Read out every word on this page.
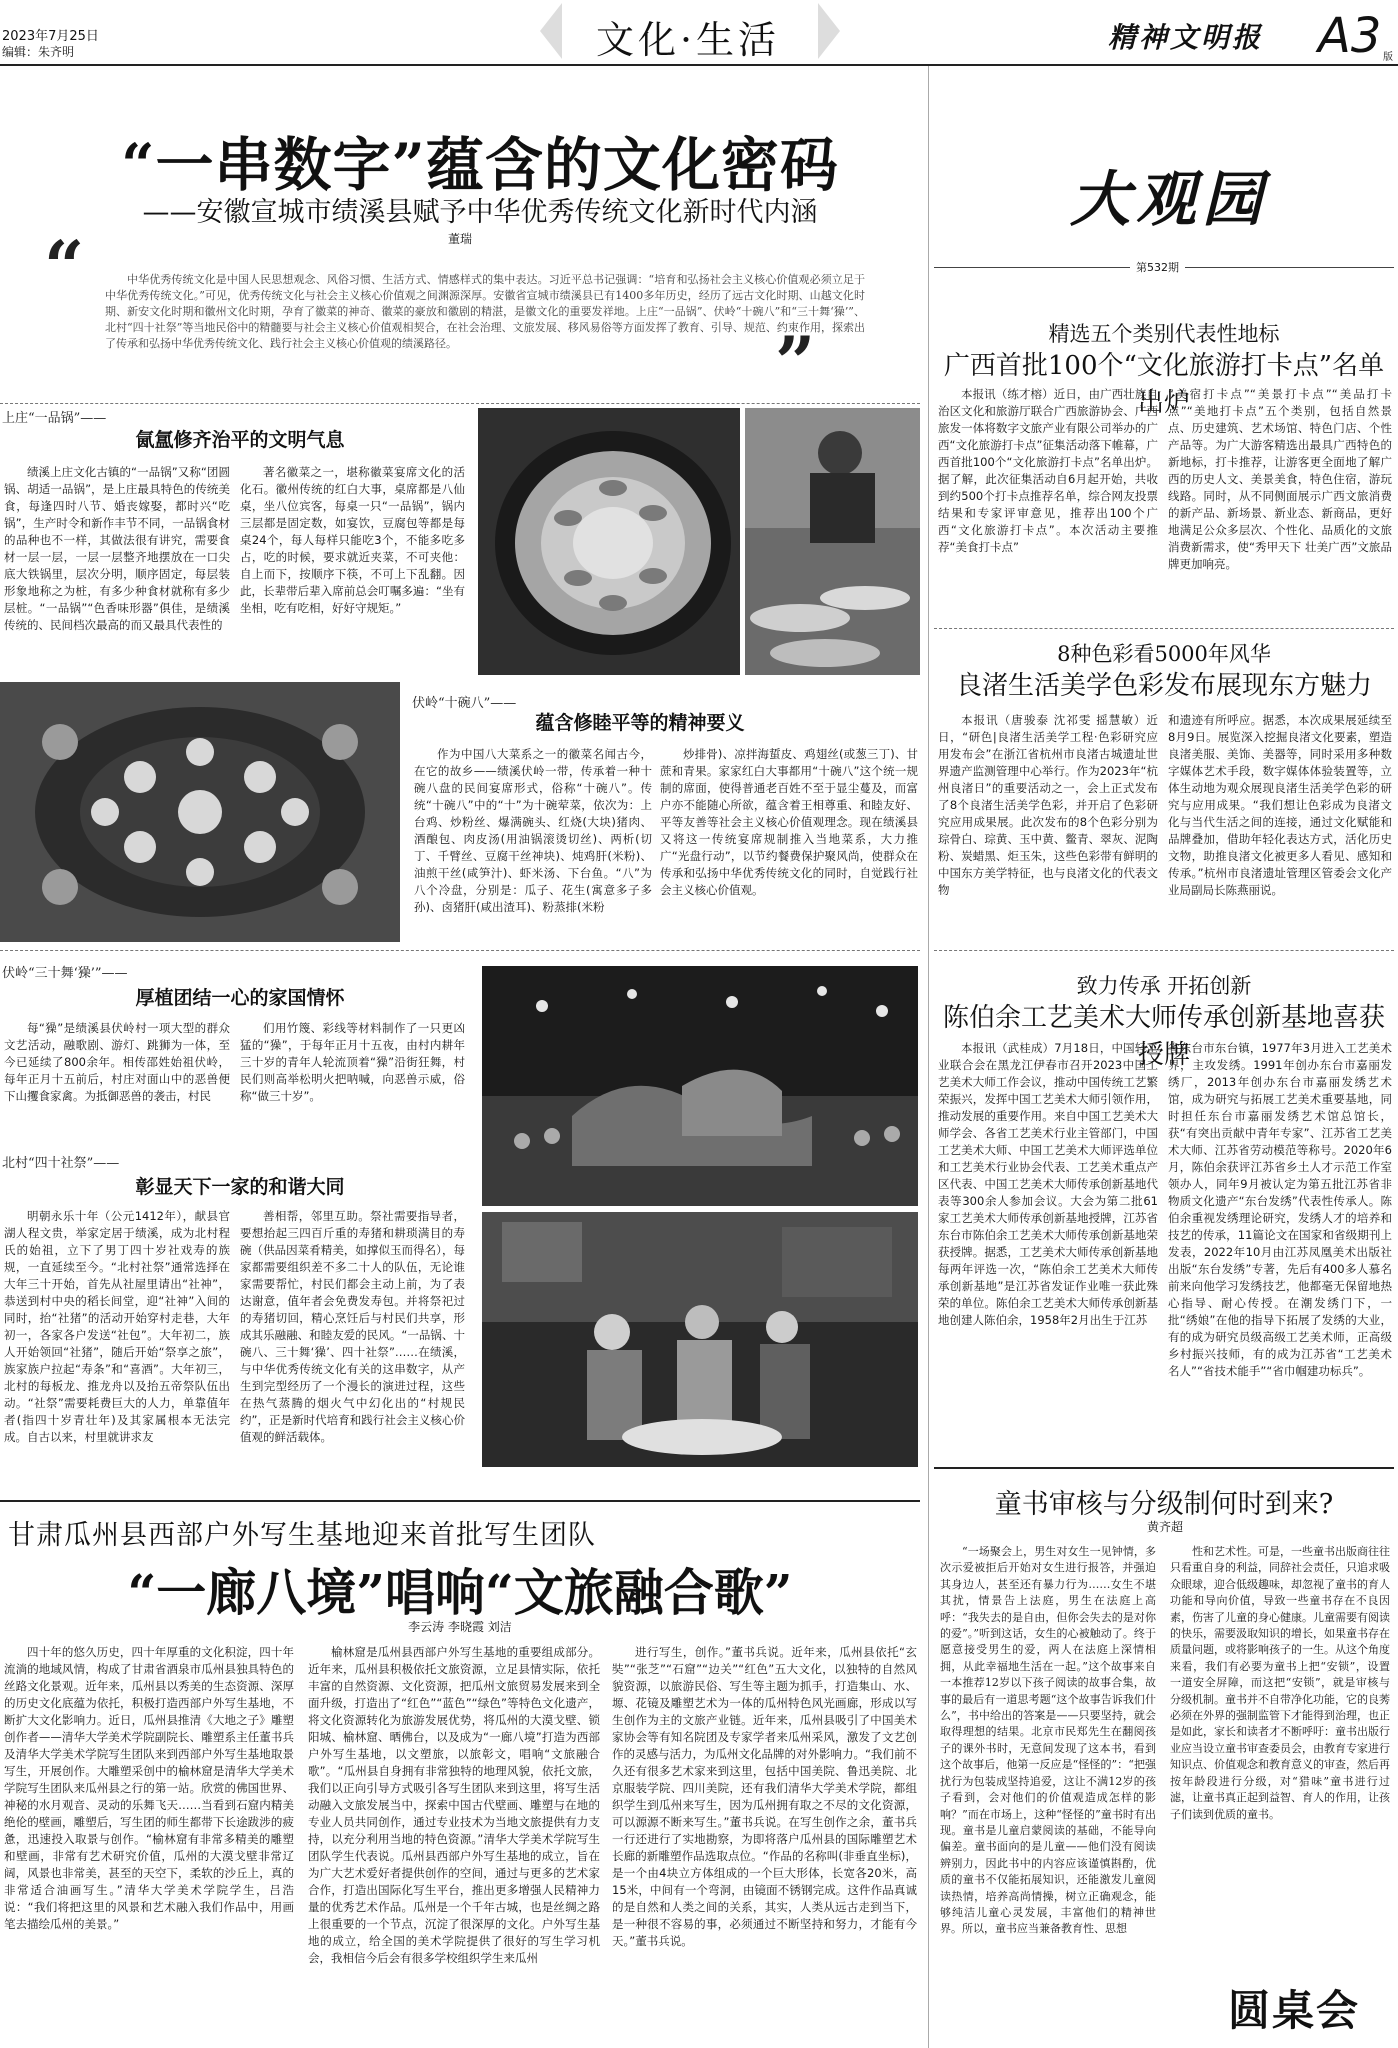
2023年7月25日
编辑：朱齐明	文化·生活	精神文明报 A3 版
“一串数字”蕴含的文化密码
——安徽宣城市绩溪县赋予中华优秀传统文化新时代内涵
董瑞
“	中华优秀传统文化是中国人民思想观念、风俗习惯、生活方式、情感样式的集中表达。习近平总书记强调：“培育和弘扬社会主义核心价值观必须立足于中华优秀传统文化。”可见，优秀传统文化与社会主义核心价值观之间渊源深厚。安徽省宣城市绩溪县已有1400多年历史，经历了远古文化时期、山越文化时期、新安文化时期和徽州文化时期，孕育了徽菜的神奇、徽菜的豪放和徽剧的精湛，是徽文化的重要发祥地。上庄“一品锅”、伏岭“十碗八”和“三十舞‘𤢖’”、北村“四十社祭”等当地民俗中的精髓要与社会主义核心价值观相契合，在社会治理、文旅发展、移风易俗等方面发挥了教育、引导、规范、约束作用，探索出了传承和弘扬中华优秀传统文化、践行社会主义核心价值观的绩溪路径。	”
上庄“一品锅”——
氤氲修齐治平的文明气息
绩溪上庄文化古镇的“一品锅”又称“团圆锅、胡适一品锅”，是上庄最具特色的传统美食，每逢四时八节、婚丧嫁娶，都时兴“吃锅”，生产时令和新作丰节不同，一品锅食材的品种也不一样，其做法很有讲究，需要食材一层一层，一层一层整齐地摆放在一口尖底大铁锅里，层次分明，顺序固定，每层装形象地称之为桩，有多少种食材就称有多少层桩。“一品锅”“色香味形器”俱佳，是绩溪传统的、民间档次最高的而又最具代表性的
著名徽菜之一，堪称徽菜宴席文化的活化石。徽州传统的红白大事，桌席都是八仙桌，坐八位宾客，每桌一只“一品锅”，锅内三层都是固定数，如宴饮，豆腐包等都是每桌24个，每人每样只能吃3个，不能多吃多占，吃的时候，要求就近夹菜，不可夹他：自上而下，按顺序下筷，不可上下乱翻。因此，长辈带后辈入席前总会叮嘱多遍：“坐有坐相，吃有吃相，好好守规矩。”
伏岭“十碗八”——
蕴含修睦平等的精神要义
作为中国八大菜系之一的徽菜名闻古今，在它的故乡——绩溪伏岭一带，传承着一种十碗八盘的民间宴席形式，俗称“十碗八”。传统“十碗八”中的“十”为十碗荤菜，依次为：上台鸡、炒粉丝、爆满碗头、红烧(大块)猪肉、酒酿包、肉皮汤(用油锅滚烫切丝)、两析(切丁、千臂丝、豆腐干丝神块)、炖鸡肝(米粉)、油煎干丝(咸笋汁)、虾米汤、下台鱼。“八”为八个冷盘，分别是：瓜子、花生(寓意多子多孙)、卤猪肝(咸出渣耳)、粉蒸排(米粉
炒排骨)、凉拌海蜇皮、鸡翅丝(或葱三丁)、甘蔗和青果。家家红白大事都用“十碗八”这个统一规制的席面，使得普通老百姓不至于显尘蔓及，而富户亦不能随心所欲，蕴含着王相尊重、和睦友好、平等友善等社会主义核心价值观理念。现在绩溪县又将这一传统宴席规制推入当地菜系，大力推广“光盘行动”，以节约餐费保护聚风尚，使群众在传承和弘扬中华优秀传统文化的同时，自觉践行社会主义核心价值观。
伏岭“三十舞‘𤢖’”——
厚植团结一心的家国情怀
每“𤢖”是绩溪县伏岭村一项大型的群众文艺活动，融歌剧、游灯、跳狮为一体，至今已延续了800余年。相传邵姓始祖伏岭，每年正月十五前后，村庄对面山中的恶兽便下山攫食家禽。为抵御恶兽的袭击，村民
们用竹篾、彩线等材料制作了一只更凶猛的“𤢖”，于每年正月十五夜，由村内耕年三十岁的青年人轮流顶着“𤢖”沿街狂舞，村民们则高举松明火把呐喊，向恶兽示威，俗称“做三十岁”。
北村“四十社祭”——
彰显天下一家的和谐大同
明朝永乐十年（公元1412年），献县官湖人程文贵，举家定居于绩溪，成为北村程氏的始祖，立下了男丁四十岁社戏寿的族规，一直延续至今。“北村社祭”通常选择在大年三十开始，首先从社屋里请出“社神”，恭送到村中央的稻长间堂，迎“社神”入间的同时，抬“社猪”的活动开始穿村走巷，大年初一，各家各户发送“社包”。大年初二，族人开始领回“社猪”，随后开始“祭享之旅”，族家族户拉起“寿条”和“喜酒”。大年初三，北村的每板龙、推龙舟以及抬五帝祭队伍出动。“社祭”需要耗费巨大的人力，单靠值年者(指四十岁青壮年)及其家属根本无法完成。自古以来，村里就讲求友
善相帮，邻里互助。祭社需要指导者，要想抬起三四百斤重的寿猪和耕琐满目的寿碗（供品因菜肴精美，如撑似玉而得名），每家都需要组织差不多二十人的队伍，无论谁家需要帮忙，村民们都会主动上前，为了表达谢意，值年者会免费发寿包。并将祭祀过的寿猪切回，精心烹饪后与村民们共享，形成其乐融融、和睦友爱的民风。“一品锅、十碗八、三十舞‘𤢖’、四十社祭”……在绩溪，与中华优秀传统文化有关的这串数字，从产生到完型经历了一个漫长的演进过程，这些在热气蒸腾的烟火气中幻化出的“村规民约”，正是新时代培育和践行社会主义核心价值观的鲜活载体。
甘肃瓜州县西部户外写生基地迎来首批写生团队
“一廊八境”唱响“文旅融合歌”
李云涛 李晓霞 刘洁
四十年的悠久历史，四十年厚重的文化积淀，四十年流淌的地域风情，构成了甘肃省酒泉市瓜州县独具特色的丝路文化景观。近年来，瓜州县以秀美的生态资源、深厚的历史文化底蕴为依托，积极打造西部户外写生基地，不断扩大文化影响力。近日，瓜州县推清《大地之子》雕塑创作者——清华大学美术学院副院长、雕塑系主任董书兵及清华大学美术学院写生团队来到西部户外写生基地取景写生，开展创作。大雕塑采创中的榆林窟是清华大学美术学院写生团队来瓜州县之行的第一站。欣赏的佛国世界、神秘的水月观音、灵动的乐舞飞天……当看到石窟内精美绝伦的壁画，雕塑后，写生团的师生都带下长途跋涉的疲惫，迅速投入取景与创作。“榆林窟有非常多精美的雕塑和壁画，非常有艺术研究价值，瓜州的大漠戈壁非常辽阔，风景也非常美，甚至的天空下，柔软的沙丘上，真的非常适合油画写生。”清华大学美术学院学生，吕浩说：“我们将把这里的风景和艺术融入我们作品中，用画笔去描绘瓜州的美景。”
榆林窟是瓜州县西部户外写生基地的重要组成部分。近年来，瓜州县积极依托文旅资源，立足县情实际，依托丰富的自然资源、文化资源，把瓜州文旅贸易发展来到全面升级，打造出了“红色”“蓝色”“绿色”等特色文化遗产，将文化资源转化为旅游发展优势，将瓜州的大漠戈壁、锁阳城、榆林窟、晒佛台，以及成为“一廊八境”打造为西部户外写生基地，以文塑旅，以旅彰文，唱响“文旅融合歌”。“瓜州县自身拥有非常独特的地理风貌，依托文旅，我们以正向引导方式吸引各写生团队来到这里，将写生活动融入文旅发展当中，探索中国古代壁画、雕塑与在地的专业人员共同创作，通过专业技术为当地文旅提供有力支持，以充分利用当地的特色资源。”清华大学美术学院写生团队学生代表说。瓜州县西部户外写生基地的成立，旨在为广大艺术爱好者提供创作的空间，通过与更多的艺术家合作，打造出国际化写生平台，推出更多增强人民精神力量的优秀艺术作品。瓜州是一个千年古城，也是丝绸之路上很重要的一个节点，沉淀了很深厚的文化。户外写生基地的成立，给全国的美术学院提供了很好的写生学习机会，我相信今后会有很多学校组织学生来瓜州
进行写生，创作。”董书兵说。近年来，瓜州县依托“玄奘”“张芝”“石窟”“边关”“红色”五大文化，以独特的自然风貌资源，以旅游民俗、写生等主题为抓手，打造集山、水、塬、花镜及雕塑艺术为一体的瓜州特色风光画廊，形成以写生创作为主的文旅产业链。近年来，瓜州县吸引了中国美术家协会等有知名院团及专家学者来瓜州采风，激发了文艺创作的灵感与活力，为瓜州文化品牌的对外影响力。“我们前不久还有很多艺术家来到这里，包括中国美院、鲁迅美院、北京服装学院、四川美院，还有我们清华大学美术学院，都组织学生到瓜州来写生，因为瓜州拥有取之不尽的文化资源，可以源源不断来写生。”董书兵说。在写生创作之余，董书兵一行还进行了实地勘察，为即将落户瓜州县的国际雕塑艺术长廊的新雕塑作品选取点位。“作品的名称叫(非垂直坐标)，是一个由4块立方体组成的一个巨大形体，长宽各20米，高15米，中间有一个弯洞，由镜面不锈钢完成。这件作品真诚的是自然和人类之间的关系，其实，人类从远古走到当下，是一种很不容易的事，必须通过不断坚持和努力，才能有今天。”董书兵说。
大观园
第532期
精选五个类别代表性地标
广西首批100个“文化旅游打卡点”名单出炉
本报讯（练才榕）近日，由广西壮族自治区文化和旅游厅联合广西旅游协会、广西旅发一体将数字文旅产业有限公司举办的广西“文化旅游打卡点”征集活动落下帷幕，广西首批100个“文化旅游打卡点”名单出炉。据了解，此次征集活动自6月起开始，共收到约500个打卡点推荐名单，综合网友投票结果和专家评审意见，推荐出100个广西“文化旅游打卡点”。本次活动主要推荐“美食打卡点”
“美宿打卡点”“美景打卡点”“美品打卡点”“美地打卡点”五个类别，包括自然景点、历史建筑、艺术场馆、特色门店、个性产品等。为广大游客精选出最具广西特色的新地标，打卡推荐，让游客更全面地了解广西的历史人文、美景美食，特色住宿，游玩线路。同时，从不同侧面展示广西文旅消费的新产品、新场景、新业态、新商品，更好地满足公众多层次、个性化、品质化的文旅消费新需求，使“秀甲天下 壮美广西”文旅品牌更加响亮。
8种色彩看5000年风华
良渚生活美学色彩发布展现东方魅力
本报讯（唐骏泰 沈祁雯 摇慧敏）近日，“研色|良渚生活美学工程·色彩研究应用发布会”在浙江省杭州市良渚古城遗址世界遗产监测管理中心举行。作为2023年“杭州良渚日”的重要活动之一，会上正式发布了8个良渚生活美学色彩，并开启了色彩研究应用成果展。此次发布的8个色彩分别为琮骨白、琮黄、玉中黄、鳖青、翠灰、泥陶粉、炭蜡黑、炬玉朱，这些色彩带有鲜明的中国东方美学特征，也与良渚文化的代表文物
和遗迹有所呼应。据悉，本次成果展延续至8月9日。展览深入挖掘良渚文化要素，塑造良渚美服、美饰、美器等，同时采用多种数字媒体艺术手段，数字媒体体验装置等，立体生动地为观众展现良渚生活美学色彩的研究与应用成果。“我们想让色彩成为良渚文化与当代生活之间的连接，通过文化赋能和品牌叠加，借助年轻化表达方式，活化历史文物，助推良渚文化被更多人看见、感知和传承。”杭州市良渚遗址管理区管委会文化产业局副局长陈燕丽说。
致力传承 开拓创新
陈伯余工艺美术大师传承创新基地喜获授牌
本报讯（武桂成）7月18日，中国轻工业联合会在黑龙江伊春市召开2023中国工艺美术大师工作会议，推动中国传统工艺繁荣振兴，发挥中国工艺美术大师引领作用，推动发展的重要作用。来自中国工艺美术大师学会、各省工艺美术行业主管部门，中国工艺美术大师、中国工艺美术大师评选单位和工艺美术行业协会代表、工艺美术重点产区代表、中国工艺美术大师传承创新基地代表等300余人参加会议。大会为第二批61家工艺美术大师传承创新基地授牌，江苏省东台市陈伯余工艺美术大师传承创新基地荣获授牌。据悉，工艺美术大师传承创新基地每两年评选一次，“陈伯余工艺美术大师传承创新基地”是江苏省发证作业唯一获此殊荣的单位。陈伯余工艺美术大师传承创新基地创建人陈伯余，1958年2月出生于江苏
省东台市东台镇，1977年3月进入工艺美术界，主攻发绣。1991年创办东台市嘉丽发绣厂，2013年创办东台市嘉丽发绣艺术馆，成为研究与拓展工艺美术重要基地，同时担任东台市嘉丽发绣艺术馆总馆长，获“有突出贡献中青年专家”、江苏省工艺美术大师、江苏省劳动模范等称号。2020年6月，陈伯余获评江苏省乡土人才示范工作室领办人，同年9月被认定为第五批江苏省非物质文化遗产“东台发绣”代表性传承人。陈伯余重视发绣理论研究，发绣人才的培养和技艺的传承，11篇论文在国家和省级期刊上发表，2022年10月由江苏凤凰美术出版社出版“东台发绣”专著，先后有400多人慕名前来向他学习发绣技艺，他都毫无保留地热心指导、耐心传授。在潮发绣门下，一批“绣娘”在他的指导下拓展了发绣的大业，有的成为研究员级高级工艺美术师，正高级乡村振兴技师，有的成为江苏省“工艺美术名人”“省技术能手”“省巾帼建功标兵”。
童书审核与分级制何时到来?
黄齐超
“一场聚会上，男生对女生一见钟情，多次示爱被拒后开始对女生进行报答，并强迫其身边人，甚至还有暴力行为……女生不堪其扰，情景告上法庭，男生在法庭上高呼：“我失去的是自由，但你会失去的是对你的爱”。”听到这话，女生的心被触动了。终于愿意接受男生的爱，两人在法庭上深情相拥，从此幸福地生活在一起。”这个故事来自一本推荐12岁以下孩子阅读的故事合集，故事的最后有一道思考题“这个故事告诉我们什么”，书中给出的答案是——只要坚持，就会取得理想的结果。北京市民郑先生在翻阅孩子的课外书时，无意间发现了这本书，看到这个故事后，他第一反应是“怪怪的”：“把强扰行为包装成坚持追爱，这让不满12岁的孩子看到，会对他们的价值观造成怎样的影响？”而在市场上，这种“怪怪的”童书时有出现。童书是儿童启蒙阅读的基础，不能导向偏差。童书面向的是儿童——他们没有阅读辨别力，因此书中的内容应该谨慎斟酌，优质的童书不仅能拓展知识，还能激发儿童阅读热情，培养高尚情操，树立正确观念，能够纯洁儿童心灵发展，丰富他们的精神世界。所以，童书应当兼备教育性、思想
性和艺术性。可是，一些童书出版商往往只看重自身的利益，同辞社会责任，只追求吸众眼球，迎合低级趣味，却忽视了童书的育人功能和导向价值，导致一些童书存在不良因素，伤害了儿童的身心健康。儿童需要有阅读的快乐，需要汲取知识的增长，如果童书存在质量问题，或将影响孩子的一生。从这个角度来看，我们有必要为童书上把“安锁”，设置一道安全屏障，而这把“安锁”，就是审核与分级机制。童书并不自带净化功能，它的良莠必须在外界的强制监管下才能得到治理，也正是如此，家长和读者才不断呼吁：童书出版行业应当设立童书审查委员会，由教育专家进行知识点、价值观念和教育意义的审查，然后再按年龄段进行分级，对“猎味”童书进行过滤，让童书真正起到益智、育人的作用，让孩子们读到优质的童书。
圆桌会
